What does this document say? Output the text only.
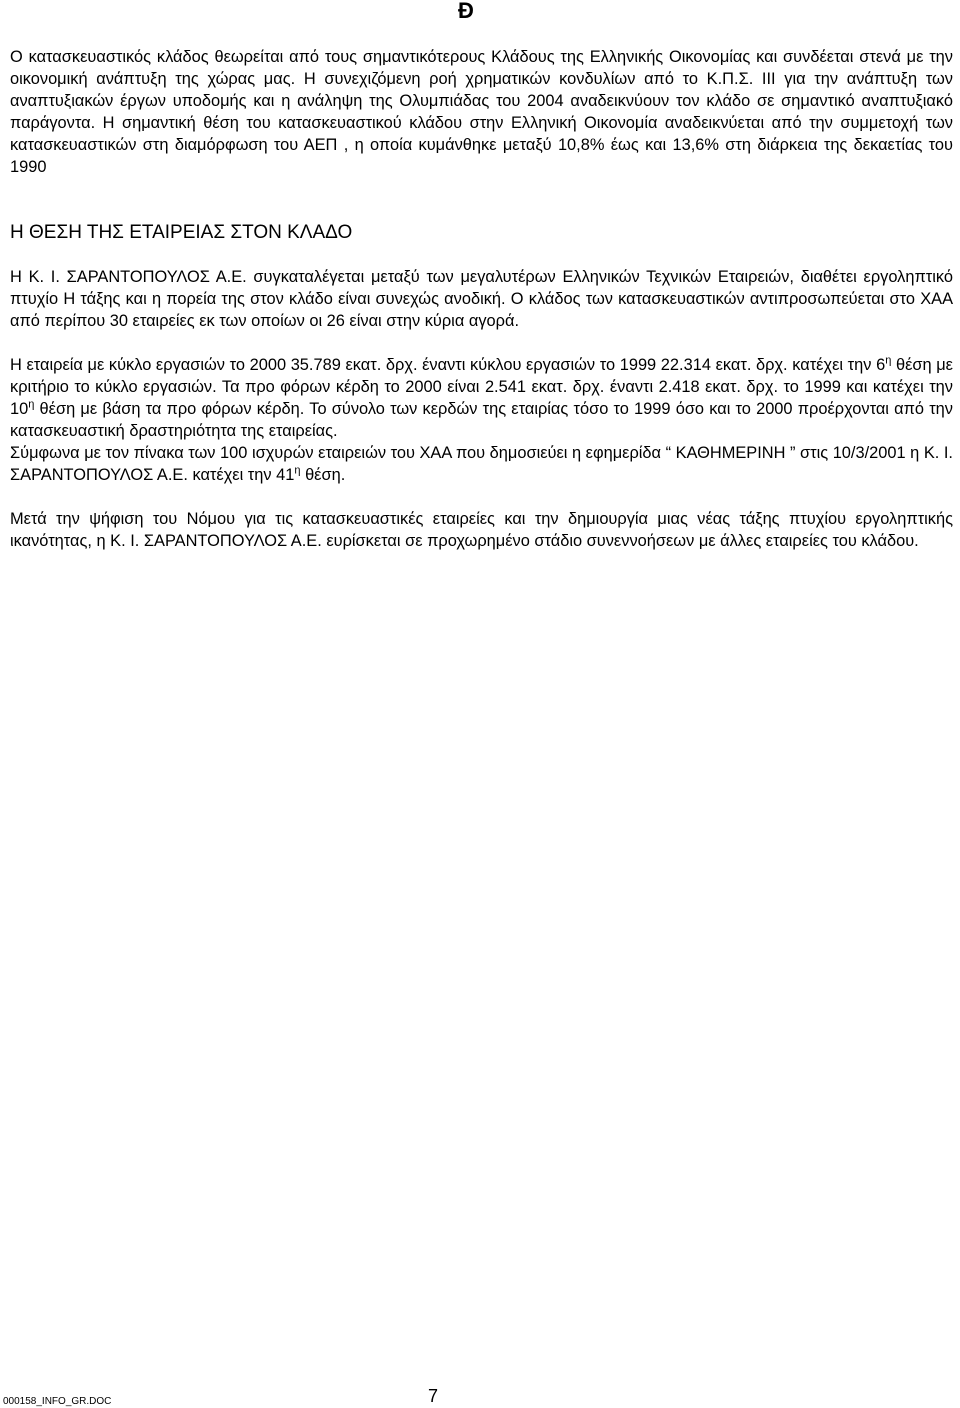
Ð

Ο κατασκευαστικός κλάδος θεωρείται από τους σημαντικότερους Κλάδους της Ελληνικής Οικονομίας και συνδέεται στενά με την οικονομική ανάπτυξη της χώρας μας. Η συνεχιζόμενη ροή χρηματικών κονδυλίων από το Κ.Π.Σ. ΙΙΙ για την ανάπτυξη των αναπτυξιακών έργων υποδομής και η ανάληψη της Ολυμπιάδας του 2004 αναδεικνύουν τον κλάδο σε σημαντικό αναπτυξιακό παράγοντα. Η σημαντική θέση του κατασκευαστικού κλάδου στην Ελληνική Οικονομία αναδεικνύεται από την συμμετοχή των κατασκευαστικών στη διαμόρφωση του ΑΕΠ , η οποία κυμάνθηκε μεταξύ 10,8% έως και 13,6% στη διάρκεια της δεκαετίας του 1990

Η ΘΕΣΗ ΤΗΣ ΕΤΑΙΡΕΙΑΣ ΣΤΟΝ ΚΛΑΔΟ

Η Κ. Ι. ΣΑΡΑΝΤΟΠΟΥΛΟΣ Α.Ε. συγκαταλέγεται μεταξύ των μεγαλυτέρων Ελληνικών Τεχνικών Εταιρειών, διαθέτει εργοληπτικό πτυχίο Η τάξης και η πορεία της στον κλάδο είναι συνεχώς ανοδική. Ο κλάδος των κατασκευαστικών αντιπροσωπεύεται στο ΧΑΑ από περίπου 30 εταιρείες εκ των οποίων οι 26 είναι στην κύρια αγορά.

Η εταιρεία με κύκλο εργασιών το 2000 35.789 εκατ. δρχ. έναντι κύκλου εργασιών το 1999 22.314 εκατ. δρχ. κατέχει την $6^\eta$ θέση με κριτήριο το κύκλο εργασιών. Τα προ φόρων κέρδη το 2000 είναι 2.541 εκατ. δρχ. έναντι 2.418 εκατ. δρχ. το 1999 και κατέχει την $10^\eta$ θέση με βάση τα προ φόρων κέρδη. Το σύνολο των κερδών της εταιρίας τόσο το 1999 όσο και το 2000 προέρχονται από την κατασκευαστική δραστηριότητα της εταιρείας.

Σύμφωνα με τον πίνακα των 100 ισχυρών εταιρειών του ΧΑΑ που δημοσιεύει η εφημερίδα “ ΚΑΘΗΜΕΡΙΝΗ ” στις 10/3/2001 η Κ. Ι. ΣΑΡΑΝΤΟΠΟΥΛΟΣ Α.Ε. κατέχει την $41^\eta$ θέση.

Μετά την ψήφιση του Νόμου για τις κατασκευαστικές εταιρείες και την δημιουργία μιας νέας τάξης πτυχίου εργοληπτικής ικανότητας, η Κ. Ι. ΣΑΡΑΝΤΟΠΟΥΛΟΣ Α.Ε. ευρίσκεται σε προχωρημένο στάδιο συνεννοήσεων με άλλες εταιρείες του κλάδου.

000158_INFO_GR.DOC	7
